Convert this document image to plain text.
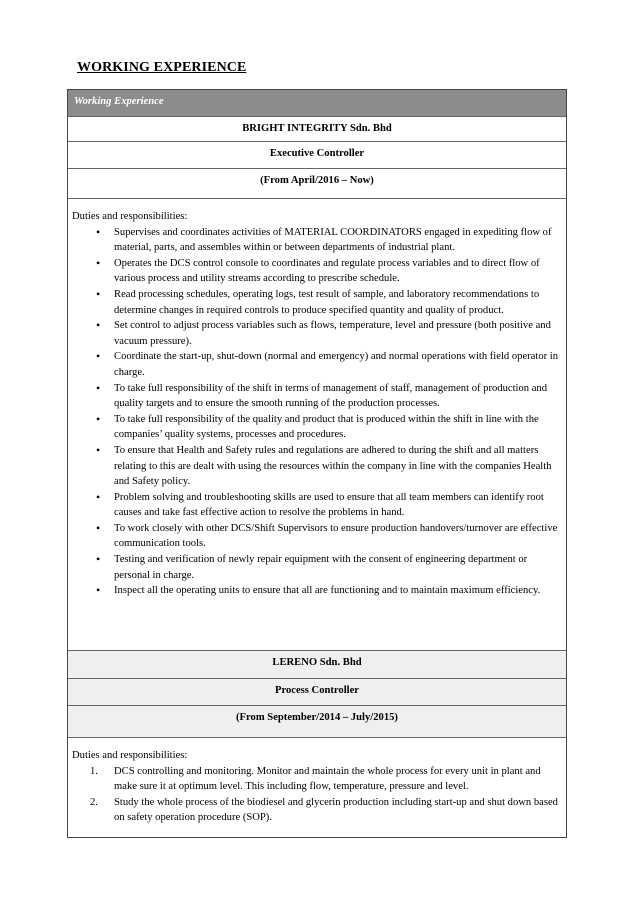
WORKING EXPERIENCE
Working Experience
BRIGHT INTEGRITY Sdn. Bhd
Executive Controller
(From April/2016 – Now)
Duties and responsibilities:
• Supervises and coordinates activities of MATERIAL COORDINATORS engaged in expediting flow of material, parts, and assembles within or between departments of industrial plant.
• Operates the DCS control console to coordinates and regulate process variables and to direct flow of various process and utility streams according to prescribe schedule.
• Read processing schedules, operating logs, test result of sample, and laboratory recommendations to determine changes in required controls to produce specified quantity and quality of product.
• Set control to adjust process variables such as flows, temperature, level and pressure (both positive and vacuum pressure).
• Coordinate the start-up, shut-down (normal and emergency) and normal operations with field operator in charge.
• To take full responsibility of the shift in terms of management of staff, management of production and quality targets and to ensure the smooth running of the production processes.
• To take full responsibility of the quality and product that is produced within the shift in line with the companies’ quality systems, processes and procedures.
• To ensure that Health and Safety rules and regulations are adhered to during the shift and all matters relating to this are dealt with using the resources within the company in line with the companies Health and Safety policy.
• Problem solving and troubleshooting skills are used to ensure that all team members can identify root causes and take fast effective action to resolve the problems in hand.
• To work closely with other DCS/Shift Supervisors to ensure production handovers/turnover are effective communication tools.
• Testing and verification of newly repair equipment with the consent of engineering department or personal in charge.
• Inspect all the operating units to ensure that all are functioning and to maintain maximum efficiency.
LERENO Sdn. Bhd
Process Controller
(From September/2014 – July/2015)
Duties and responsibilities:
1. DCS controlling and monitoring. Monitor and maintain the whole process for every unit in plant and make sure it at optimum level. This including flow, temperature, pressure and level.
2. Study the whole process of the biodiesel and glycerin production including start-up and shut down based on safety operation procedure (SOP).
